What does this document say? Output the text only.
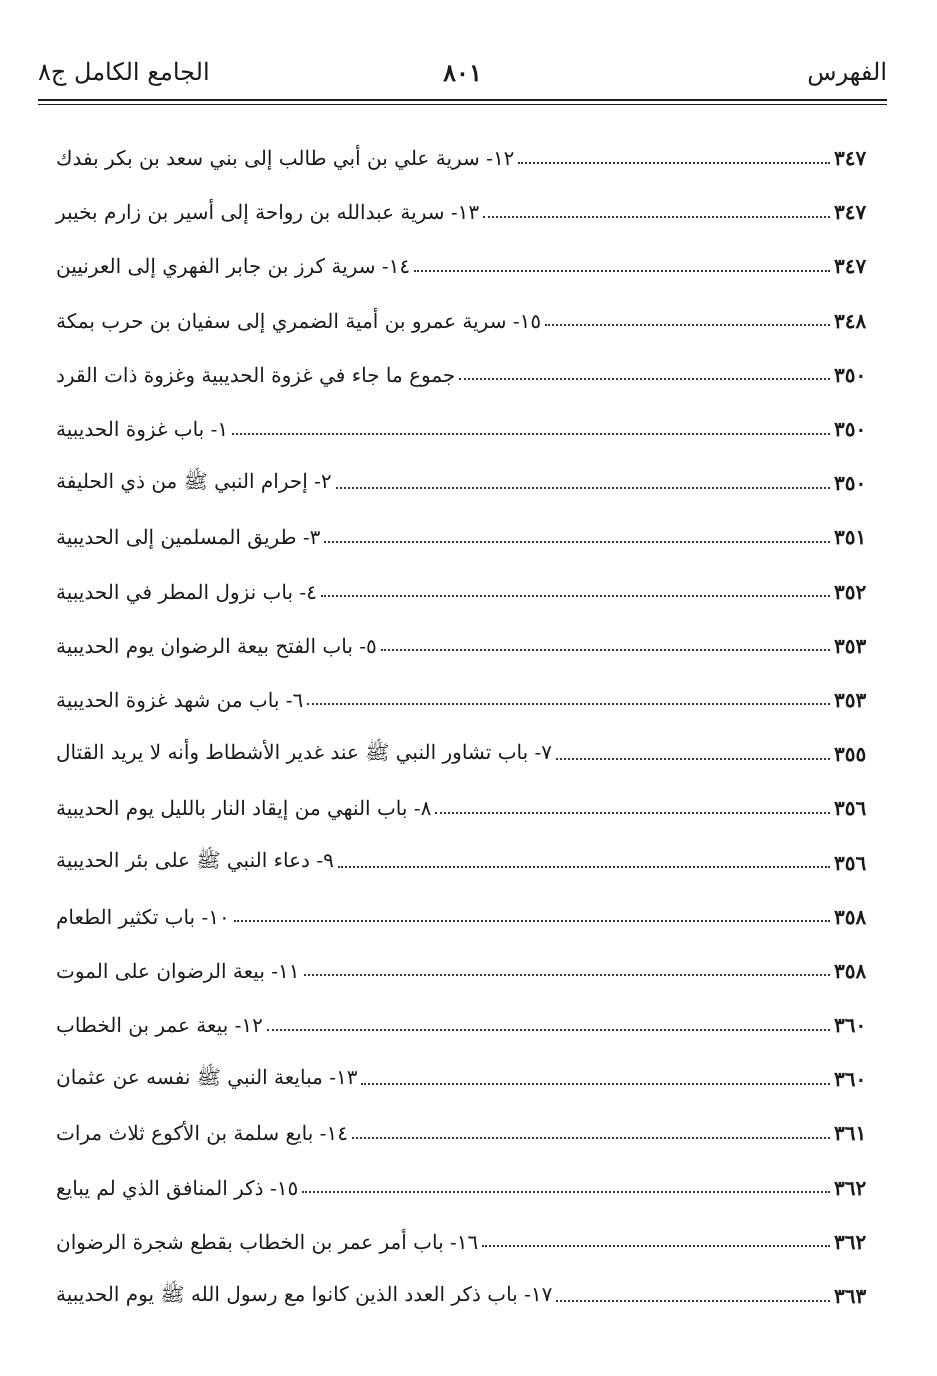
الفهرس
٨٠١
الجامع الكامل ج٨
١٢- سرية علي بن أبي طالب إلى بني سعد بن بكر بفدك	٣٤٧
١٣- سرية عبدالله بن رواحة إلى أسير بن زارم بخيبر	٣٤٧
١٤- سرية كرز بن جابر الفهري إلى العرنيين	٣٤٧
١٥- سرية عمرو بن أمية الضمري إلى سفيان بن حرب بمكة	٣٤٨
جموع ما جاء في غزوة الحديبية وغزوة ذات القرد	٣٥٠
١- باب غزوة الحديبية	٣٥٠
٢- إحرام النبي ﷺ من ذي الحليفة	٣٥٠
٣- طريق المسلمين إلى الحديبية	٣٥١
٤- باب نزول المطر في الحديبية	٣٥٢
٥- باب الفتح بيعة الرضوان يوم الحديبية	٣٥٣
٦- باب من شهد غزوة الحديبية	٣٥٣
٧- باب تشاور النبي ﷺ عند غدير الأشطاط وأنه لا يريد القتال	٣٥٥
٨- باب النهي من إيقاد النار بالليل يوم الحديبية	٣٥٦
٩- دعاء النبي ﷺ على بئر الحديبية	٣٥٦
١٠- باب تكثير الطعام	٣٥٨
١١- بيعة الرضوان على الموت	٣٥٨
١٢- بيعة عمر بن الخطاب	٣٦٠
١٣- مبايعة النبي ﷺ نفسه عن عثمان	٣٦٠
١٤- بايع سلمة بن الأكوع ثلاث مرات	٣٦١
١٥- ذكر المنافق الذي لم يبايع	٣٦٢
١٦- باب أمر عمر بن الخطاب بقطع شجرة الرضوان	٣٦٢
١٧- باب ذكر العدد الذين كانوا مع رسول الله ﷺ يوم الحديبية	٣٦٣
